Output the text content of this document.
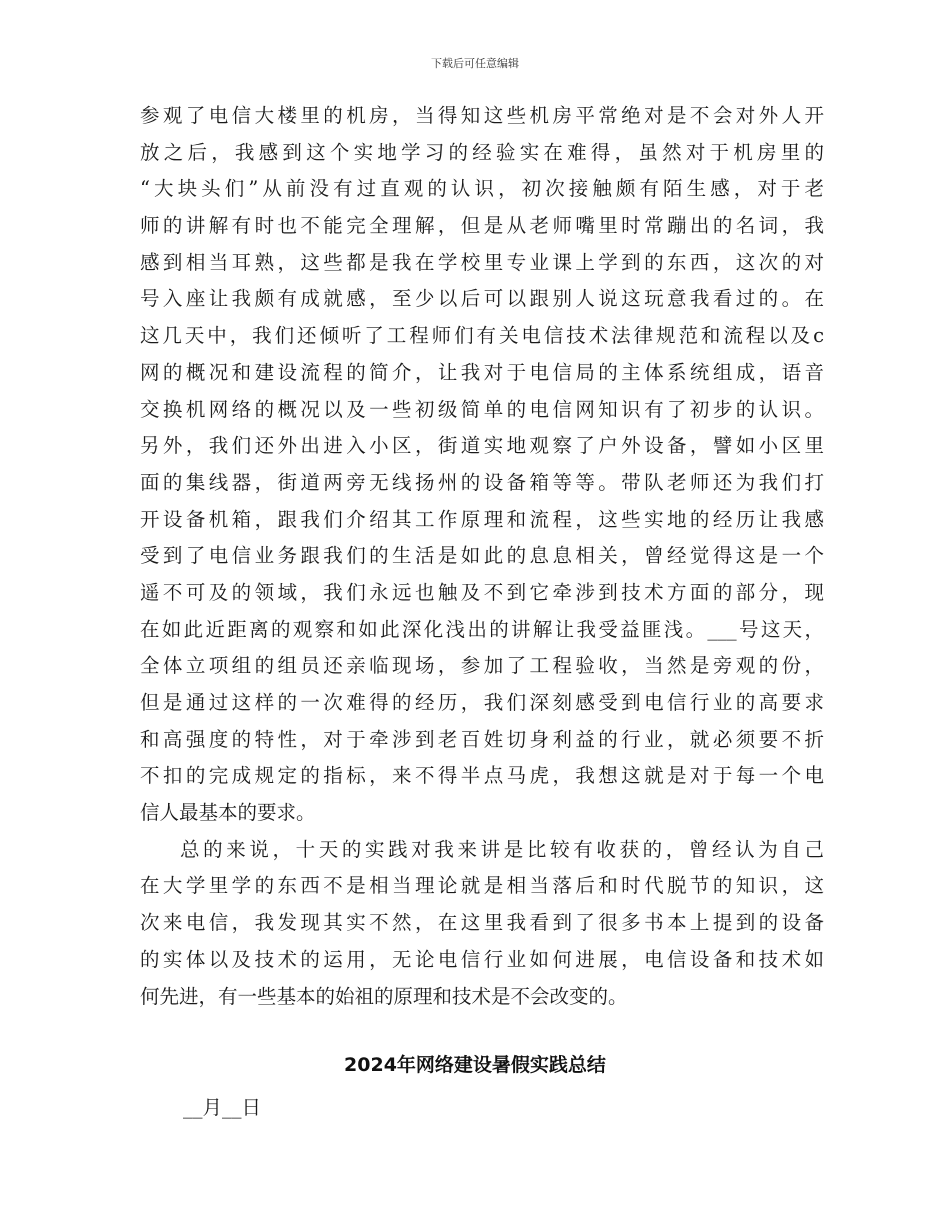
下载后可任意编辑
参观了电信大楼里的机房，当得知这些机房平常绝对是不会对外人开
放之后，我感到这个实地学习的经验实在难得，虽然对于机房里的
“大块头们”从前没有过直观的认识，初次接触颇有陌生感，对于老
师的讲解有时也不能完全理解，但是从老师嘴里时常蹦出的名词，我
感到相当耳熟，这些都是我在学校里专业课上学到的东西，这次的对
号入座让我颇有成就感，至少以后可以跟别人说这玩意我看过的。在
这几天中，我们还倾听了工程师们有关电信技术法律规范和流程以及c
网的概况和建设流程的简介，让我对于电信局的主体系统组成，语音
交换机网络的概况以及一些初级简单的电信网知识有了初步的认识。
另外，我们还外出进入小区，街道实地观察了户外设备，譬如小区里
面的集线器，街道两旁无线扬州的设备箱等等。带队老师还为我们打
开设备机箱，跟我们介绍其工作原理和流程，这些实地的经历让我感
受到了电信业务跟我们的生活是如此的息息相关，曾经觉得这是一个
遥不可及的领域，我们永远也触及不到它牵涉到技术方面的部分，现
在如此近距离的观察和如此深化浅出的讲解让我受益匪浅。___号这天，
全体立项组的组员还亲临现场，参加了工程验收，当然是旁观的份，
但是通过这样的一次难得的经历，我们深刻感受到电信行业的高要求
和高强度的特性，对于牵涉到老百姓切身利益的行业，就必须要不折
不扣的完成规定的指标，来不得半点马虎，我想这就是对于每一个电
信人最基本的要求。
总的来说，十天的实践对我来讲是比较有收获的，曾经认为自己
在大学里学的东西不是相当理论就是相当落后和时代脱节的知识，这
次来电信，我发现其实不然，在这里我看到了很多书本上提到的设备
的实体以及技术的运用，无论电信行业如何进展，电信设备和技术如
何先进，有一些基本的始祖的原理和技术是不会改变的。
2024年网络建设暑假实践总结
__月__日
